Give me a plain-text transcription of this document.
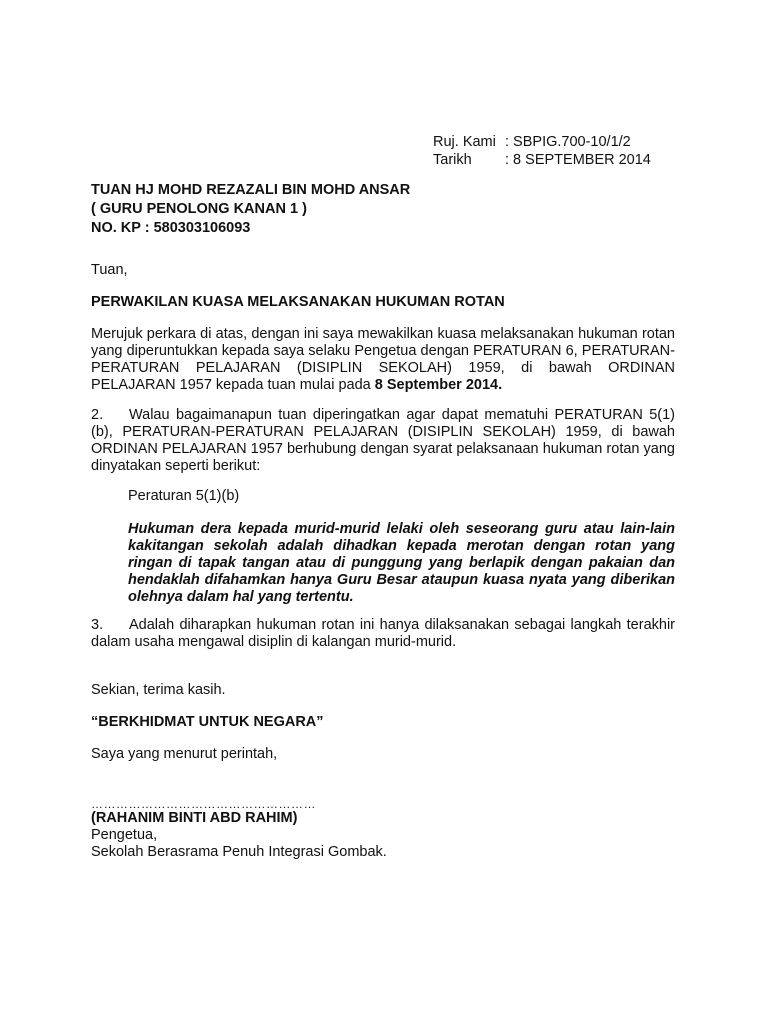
Ruj. Kami : SBPIG.700-10/1/2
Tarikh : 8 SEPTEMBER 2014
TUAN HJ MOHD REZAZALI BIN MOHD ANSAR
( GURU PENOLONG KANAN 1 )
NO. KP : 580303106093
Tuan,
PERWAKILAN KUASA MELAKSANAKAN HUKUMAN ROTAN

Merujuk perkara di atas, dengan ini saya mewakilkan kuasa melaksanakan hukuman rotan yang diperuntukkan kepada saya selaku Pengetua dengan PERATURAN 6, PERATURAN-PERATURAN PELAJARAN (DISIPLIN SEKOLAH) 1959, di bawah ORDINAN PELAJARAN 1957 kepada tuan mulai pada 8 September 2014.

2. Walau bagaimanapun tuan diperingatkan agar dapat mematuhi PERATURAN 5(1)(b), PERATURAN-PERATURAN PELAJARAN (DISIPLIN SEKOLAH) 1959, di bawah ORDINAN PELAJARAN 1957 berhubung dengan syarat pelaksanaan hukuman rotan yang dinyatakan seperti berikut:

Peraturan 5(1)(b)

Hukuman dera kepada murid-murid lelaki oleh seseorang guru atau lain-lain kakitangan sekolah adalah dihadkan kepada merotan dengan rotan yang ringan di tapak tangan atau di punggung yang berlapik dengan pakaian dan hendaklah difahamkan hanya Guru Besar ataupun kuasa nyata yang diberikan olehnya dalam hal yang tertentu.

3. Adalah diharapkan hukuman rotan ini hanya dilaksanakan sebagai langkah terakhir dalam usaha mengawal disiplin di kalangan murid-murid.

Sekian, terima kasih.
“BERKHIDMAT UNTUK NEGARA”
Saya yang menurut perintah,
………………………………………………
(RAHANIM BINTI ABD RAHIM)
Pengetua,
Sekolah Berasrama Penuh Integrasi Gombak.
